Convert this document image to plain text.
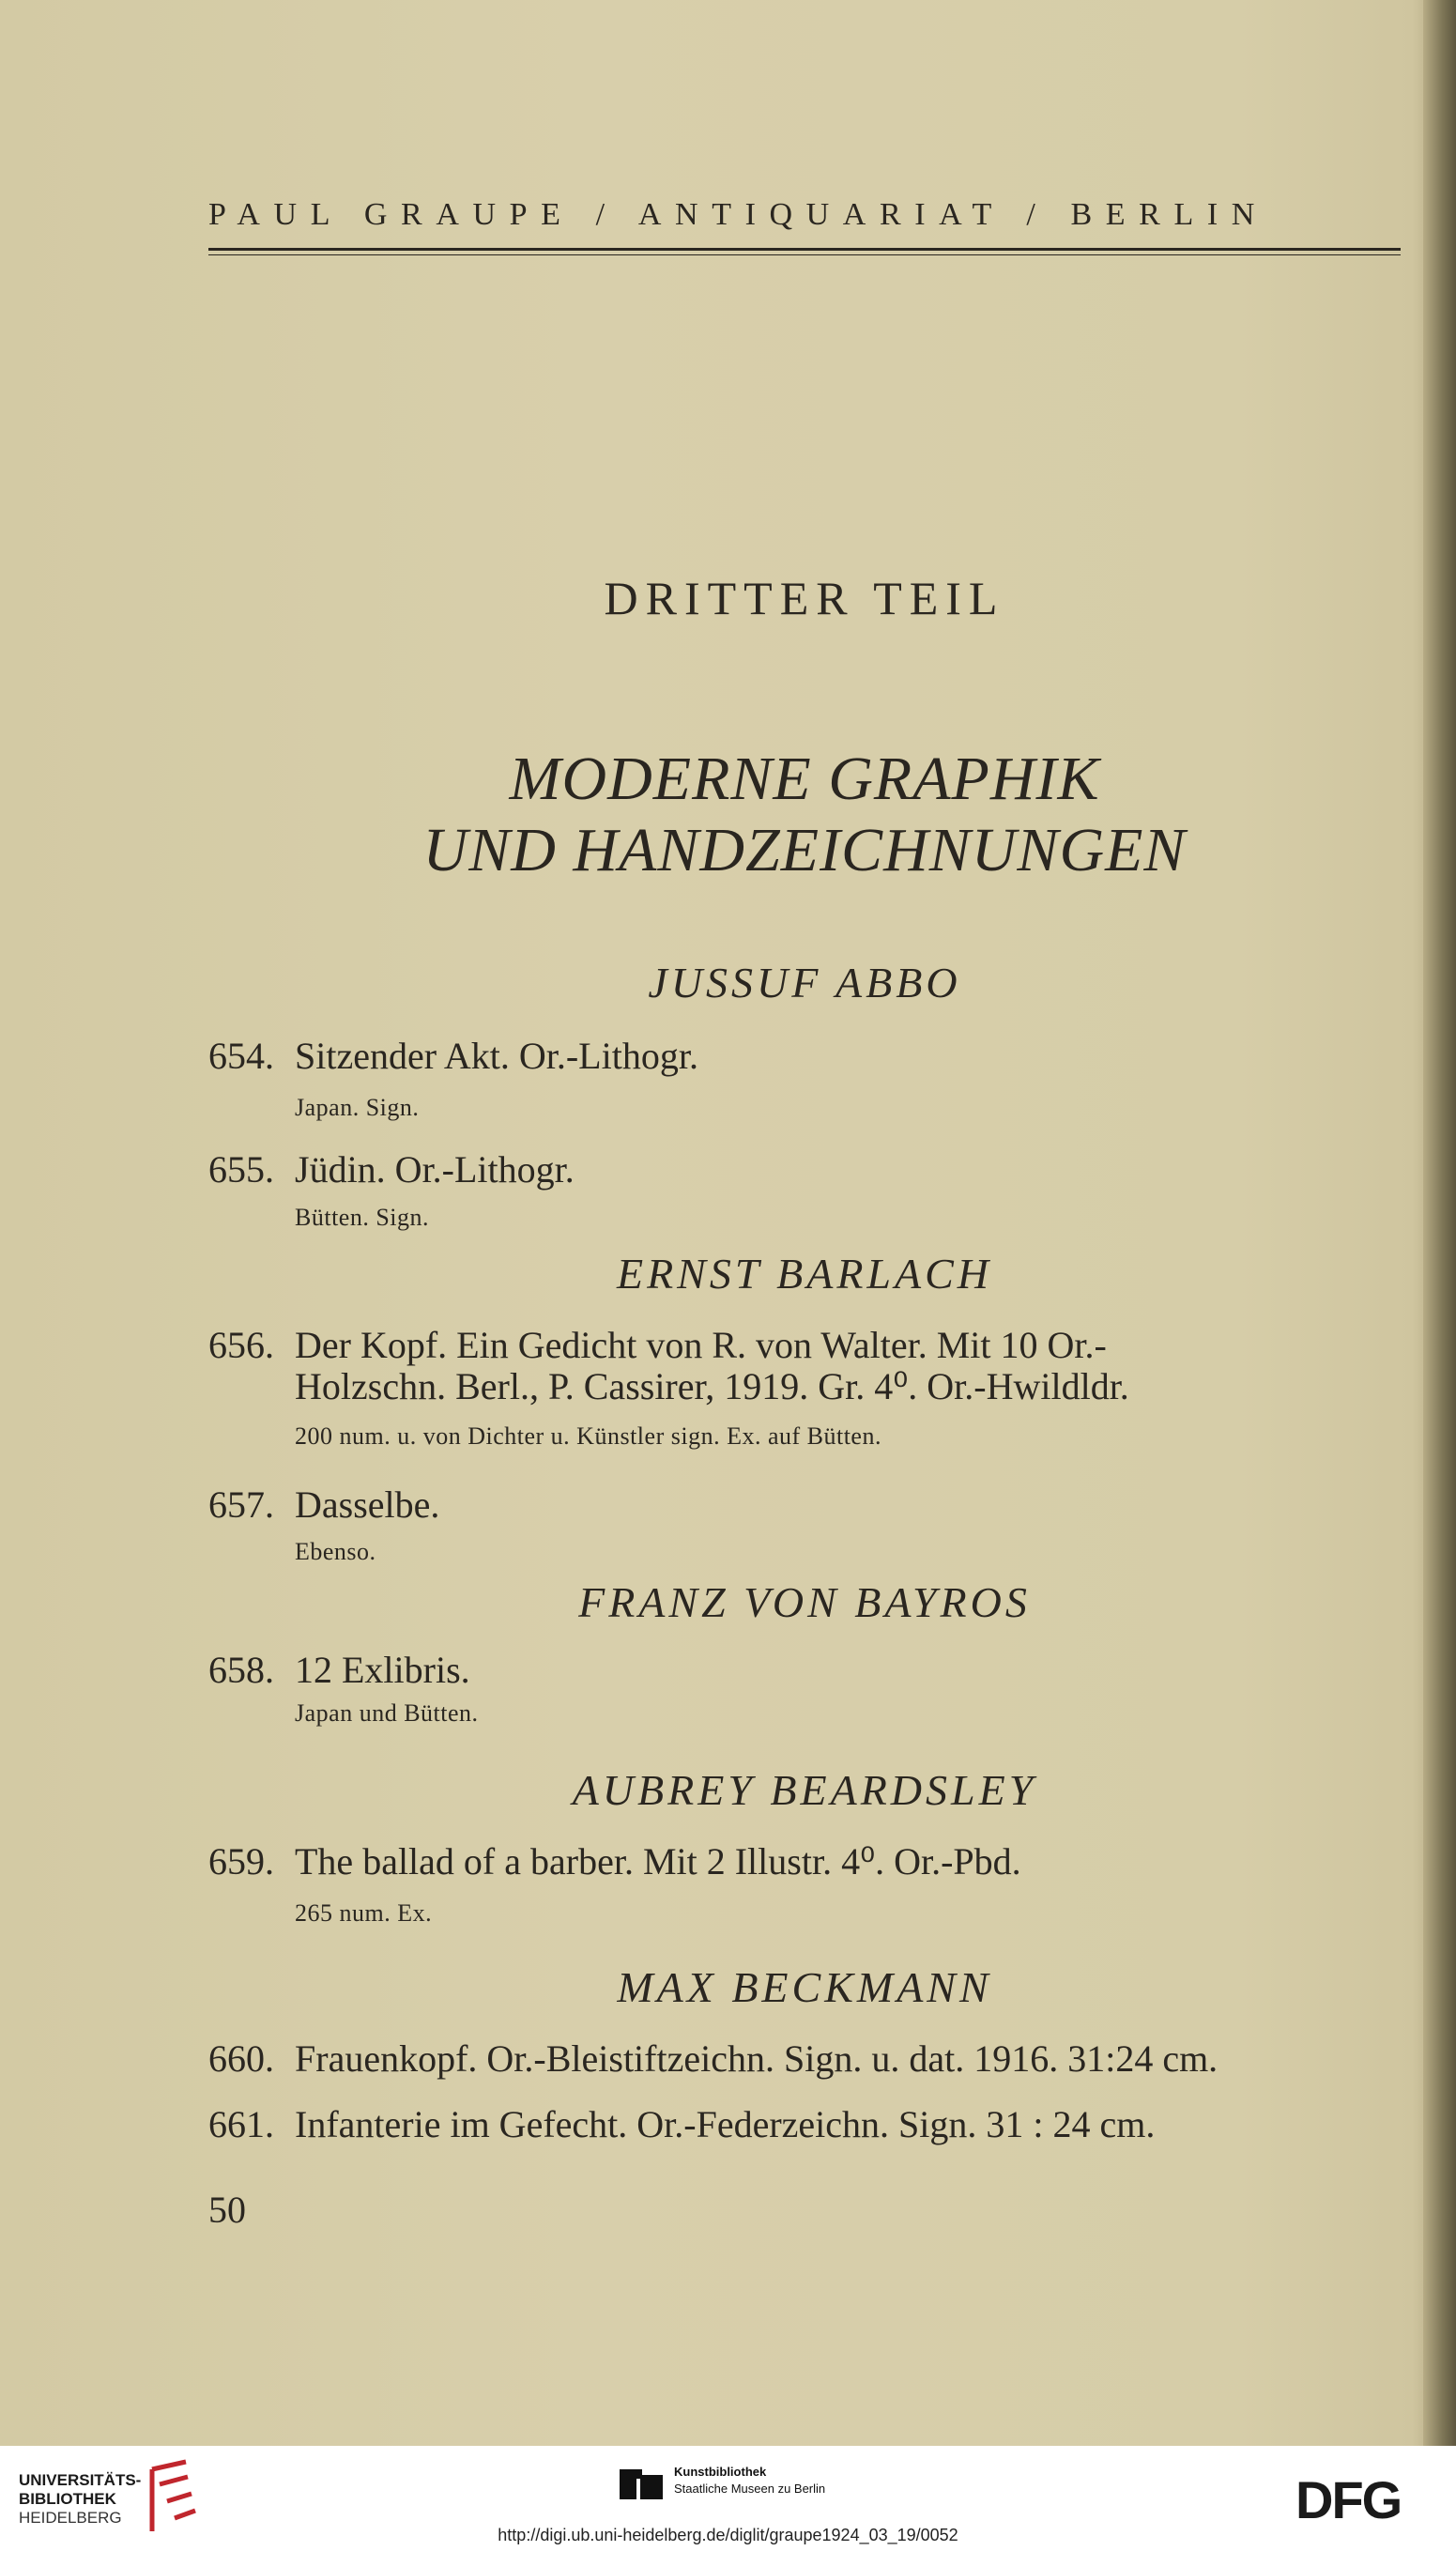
PAUL GRAUPE / ANTIQUARIAT / BERLIN
DRITTER TEIL
MODERNE GRAPHIK
UND HANDZEICHNUNGEN
JUSSUF ABBO
654. Sitzender Akt. Or.-Lithogr.
Japan. Sign.
655. Jüdin. Or.-Lithogr.
Bütten. Sign.
ERNST BARLACH
656. Der Kopf. Ein Gedicht von R. von Walter. Mit 10 Or.-
Holzschn. Berl., P. Cassirer, 1919. Gr. 4⁰. Or.-Hwildldr.
200 num. u. von Dichter u. Künstler sign. Ex. auf Bütten.
657. Dasselbe.
Ebenso.
FRANZ VON BAYROS
658. 12 Exlibris.
Japan und Bütten.
AUBREY BEARDSLEY
659. The ballad of a barber. Mit 2 Illustr. 4⁰. Or.-Pbd.
265 num. Ex.
MAX BECKMANN
660. Frauenkopf. Or.-Bleistiftzeichn. Sign. u. dat. 1916. 31:24 cm.
661. Infanterie im Gefecht. Or.-Federzeichn. Sign. 31 : 24 cm.
50
UNIVERSITÄTS-
BIBLIOTHEK
HEIDELBERG
Kunstbibliothek
Staatliche Museen zu Berlin	DFG
http://digi.ub.uni-heidelberg.de/diglit/graupe1924_03_19/0052
